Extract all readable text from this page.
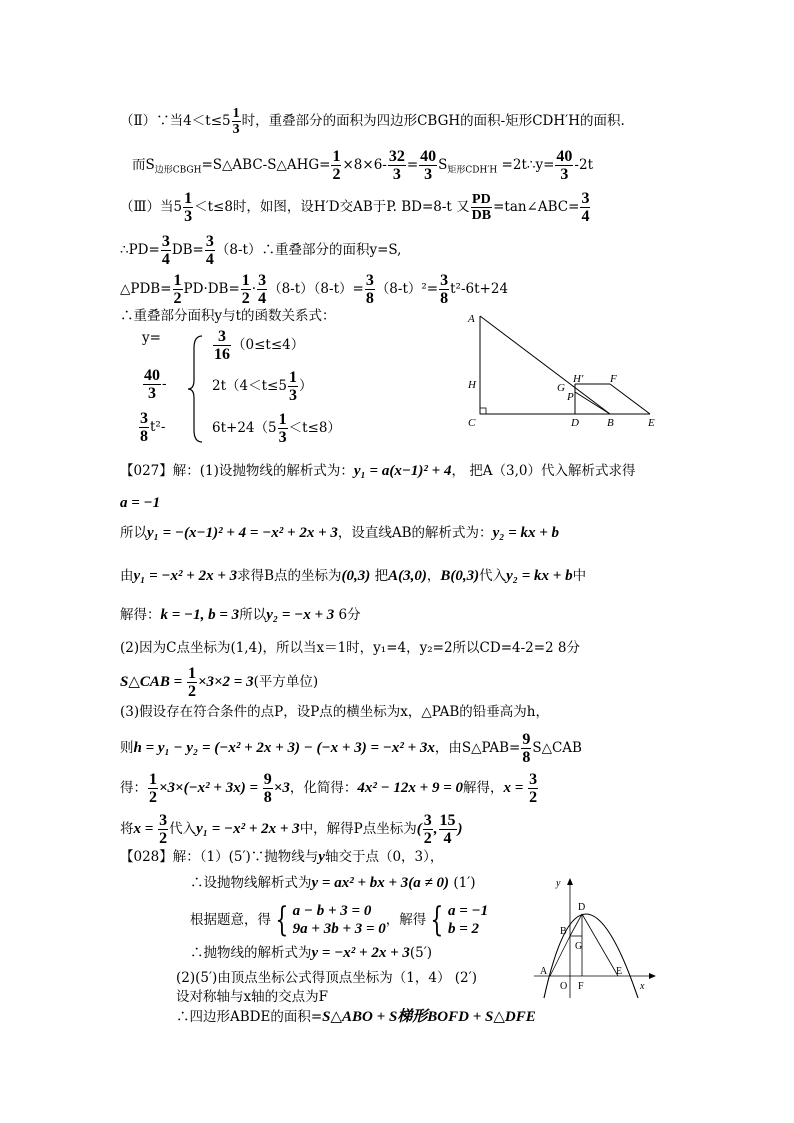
（Ⅱ）∵当$4<t\le 5 \frac{1}{3}$ 时，重叠部分的面积为四边形CBGH的面积-矩形CDH′H的面积.
而$S_{边形CBGH}=S\triangle ABC-S\triangle AHG= \frac{1}{2} \times 8\times 6- \frac{32}{3} = \frac{40}{3} S_{矩形CDH'H}$ =2t∴y= $\frac{40}{3} -2t$
（Ⅲ）当$5 \frac{1}{3} <t\le 8$时，如图，设H′D交AB于P. BD=8-t 又 $\frac{PD}{DB}$ =tan∠ABC= $\frac{3}{4}$
∴PD= $\frac{3}{4} DB= \frac{3}{4}$ （8-t）∴重叠部分的面积y=S,
△PDB= $\frac{1}{2} PD\cdot DB= \frac{1}{2} \cdot \frac{3}{4} (8-t)(8-t)= \frac{3}{8} (8-t)^2= \frac{3}{8} t^2-6t+24$
∴重叠部分面积y与t的函数关系式：
y=	$\frac{3}{16} (0\le t\le 4)$
$\frac{40}{3}$ -	$2t(4<t\le 5 \frac{1}{3}$ ）
$\frac{3}{8} t^2-$	$6t+24(5 \frac{1}{3} <t\le 8)$
A
H
C	D	B	E
G
P
H' F
【027】解：(1)设抛物线的解析式为：y₁ = a(x−1)² + 4， 把A（3,0）代入解析式求得
a = −1
所以y₁ = −(x−1)² + 4 = −x² + 2x + 3，设直线AB的解析式为：y₂ = kx + b
由y₁ = −x² + 2x + 3求得B点的坐标为(0,3) 把A(3,0)，B(0,3)代入y₂ = kx + b中
解得：k = −1, b = 3所以y₂ = −x + 3 6分
(2)因为C点坐标为(1,4)，所以当x＝1时，y₁=4，y₂=2所以CD=4-2=2 8分
S△CAB = $\frac{1}{2} \times 3\times 2 = 3$(平方单位)
(3)假设存在符合条件的点P，设P点的横坐标为x，△PAB的铅垂高为h，
则h = y₁ − y₂ = (−x² + 2x + 3) − (−x + 3) = −x² + 3x，由S△PAB= $\frac{9}{8}$ S△CAB
得： $\frac{1}{2} \times 3\times(-x^2 + 3x) = \frac{9}{8} \times 3$，化简得：4x² − 12x + 9 = 0解得，$x = \frac{3}{2}$
将$x = \frac{3}{2}$ 代入y₁ = −x² + 2x + 3中，解得P点坐标为( $\frac{3}{2}$ , $\frac{15}{4}$ )
【028】解：（1）(5′)∵抛物线与y轴交于点（0，3），
∴设抛物线解析式为y = ax² + bx + 3(a ≠ 0) (1′)
根据题意，得 { a − b + 3 = 0
9a + 3b + 3 = 0
，解得 { a = −1
b = 2
∴抛物线的解析式为y = −x² + 2x + 3(5′)
(2)(5′)由顶点坐标公式得顶点坐标为（1，4） (2′)
设对称轴与x轴的交点为F
∴四边形ABDE的面积=S△ABO + S梯形BOFD + S△DFE
y
D
B
G
A
O F
E
x
